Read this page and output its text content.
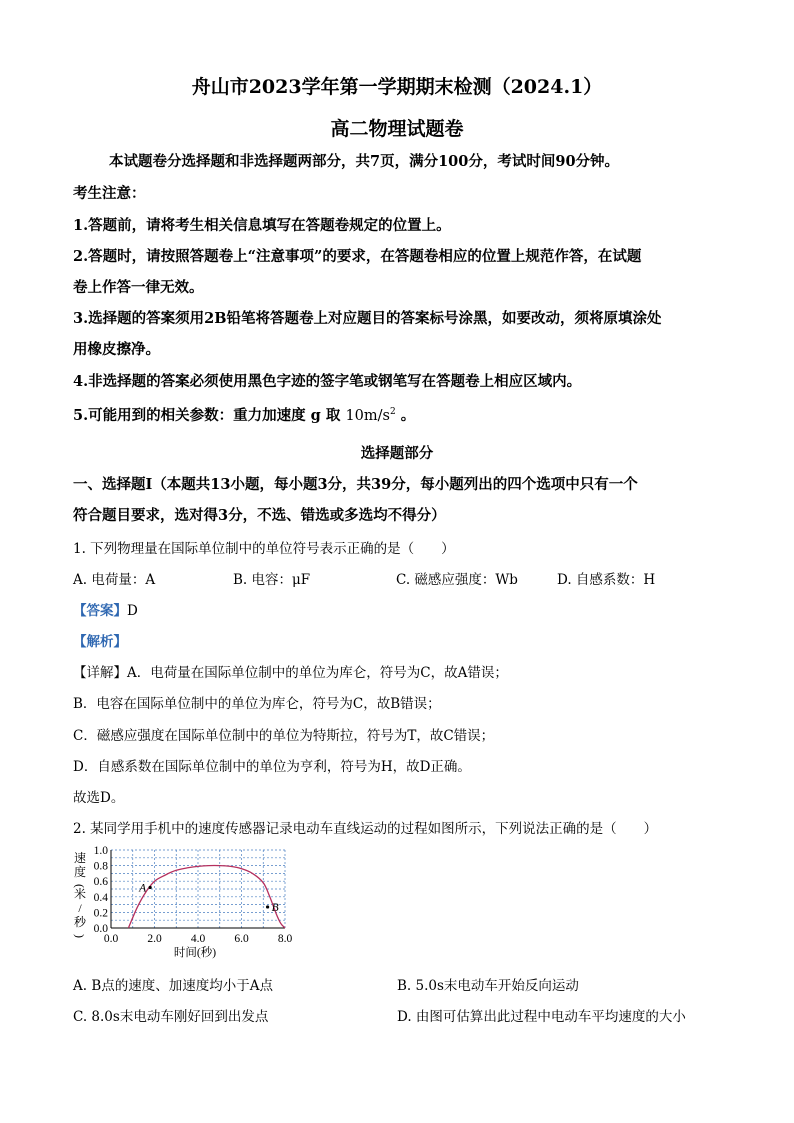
舟山市2023学年第一学期期末检测（2024.1）
高二物理试题卷
本试题卷分选择题和非选择题两部分，共7页，满分100分，考试时间90分钟。
考生注意：
1.答题前，请将考生相关信息填写在答题卷规定的位置上。
2.答题时，请按照答题卷上“注意事项”的要求，在答题卷相应的位置上规范作答，在试题
卷上作答一律无效。
3.选择题的答案须用2B铅笔将答题卷上对应题目的答案标号涂黑，如要改动，须将原填涂处
用橡皮擦净。
4.非选择题的答案必须使用黑色字迹的签字笔或钢笔写在答题卷上相应区域内。
5.可能用到的相关参数：重力加速度 g 取 $10m/s^2$ 。
选择题部分
一、选择题Ⅰ（本题共13小题，每小题3分，共39分，每小题列出的四个选项中只有一个
符合题目要求，选对得3分，不选、错选或多选均不得分）
1. 下列物理量在国际单位制中的单位符号表示正确的是（　　）
A. 电荷量：A	B. 电容：μF	C. 磁感应强度：Wb	D. 自感系数：H
【答案】D
【解析】
【详解】A．电荷量在国际单位制中的单位为库仑，符号为C，故A错误；
B．电容在国际单位制中的单位为库仑，符号为C，故B错误；
C．磁感应强度在国际单位制中的单位为特斯拉，符号为T，故C错误；
D．自感系数在国际单位制中的单位为亨利，符号为H，故D正确。
故选D。
2. 某同学用手机中的速度传感器记录电动车直线运动的过程如图所示，下列说法正确的是（　　）
A
B
0.0	2.0	4.0	6.0	8.0
0.0
0.2
0.4
0.6
0.8
1.0
时间(秒)
速
度
(
米
/
秒
)
A. B点的速度、加速度均小于A点	B. 5.0s末电动车开始反向运动
C. 8.0s末电动车刚好回到出发点	D. 由图可估算出此过程中电动车平均速度的大小
